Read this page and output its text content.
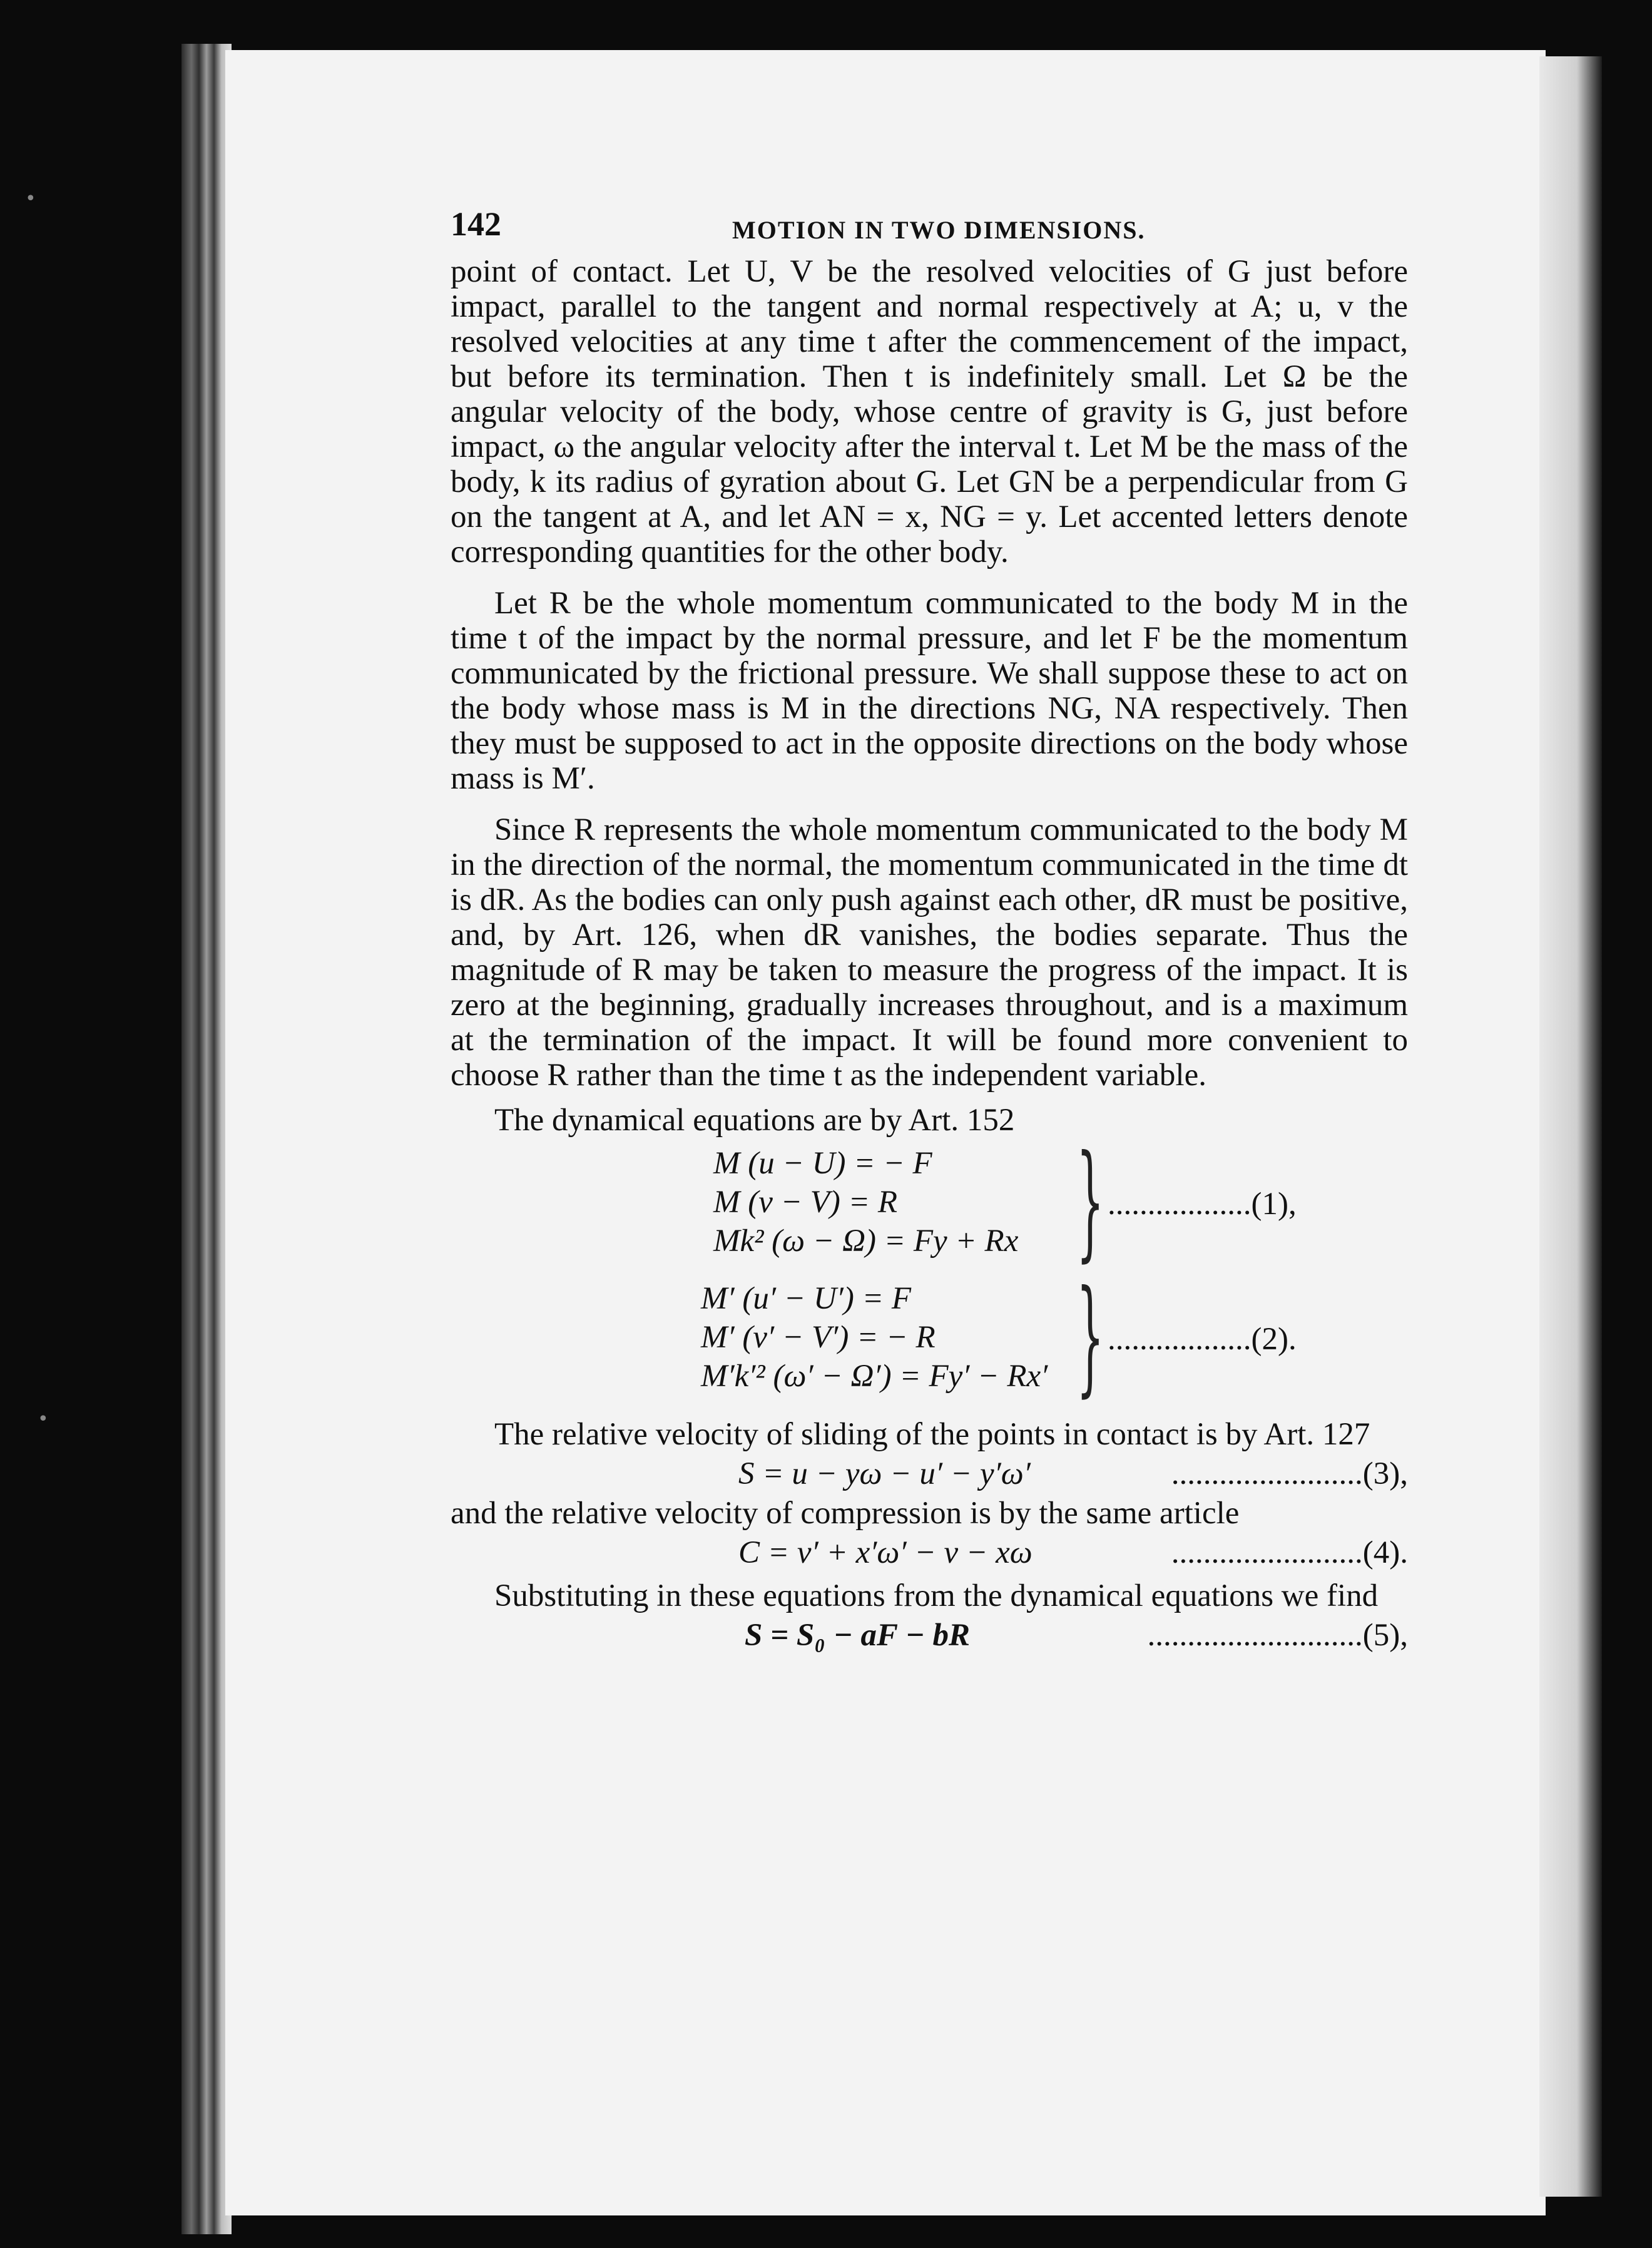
•
•
142	MOTION IN TWO DIMENSIONS.

point of contact. Let U, V be the resolved velocities of G just before impact, parallel to the tangent and normal respectively at A; u, v the resolved velocities at any time t after the commencement of the impact, but before its termination. Then t is indefinitely small. Let Ω be the angular velocity of the body, whose centre of gravity is G, just before impact, ω the angular velocity after the interval t. Let M be the mass of the body, k its radius of gyration about G. Let GN be a perpendicular from G on the tangent at A, and let AN = x, NG = y. Let accented letters denote corresponding quantities for the other body.

Let R be the whole momentum communicated to the body M in the time t of the impact by the normal pressure, and let F be the momentum communicated by the frictional pressure. We shall suppose these to act on the body whose mass is M in the directions NG, NA respectively. Then they must be supposed to act in the opposite directions on the body whose mass is M′.

Since R represents the whole momentum communicated to the body M in the direction of the normal, the momentum communicated in the time dt is dR. As the bodies can only push against each other, dR must be positive, and, by Art. 126, when dR vanishes, the bodies separate. Thus the magnitude of R may be taken to measure the progress of the impact. It is zero at the beginning, gradually increases throughout, and is a maximum at the termination of the impact. It will be found more convenient to choose R rather than the time t as the independent variable.

The dynamical equations are by Art. 152

M (u − U) = − F
M (v − V) = R
Mk² (ω − Ω) = Fy + Rx } ..................(1),
M′ (u′ − U′) = F
M′ (v′ − V′) = − R
M′k′² (ω′ − Ω′) = Fy′ − Rx′ } ..................(2).

The relative velocity of sliding of the points in contact is by Art. 127

S = u − yω − u′ − y′ω′	........................(3),

and the relative velocity of compression is by the same article

C = v′ + x′ω′ − v − xω	........................(4).

Substituting in these equations from the dynamical equations we find

S = S₀ − aF − bR	...........................(5),
